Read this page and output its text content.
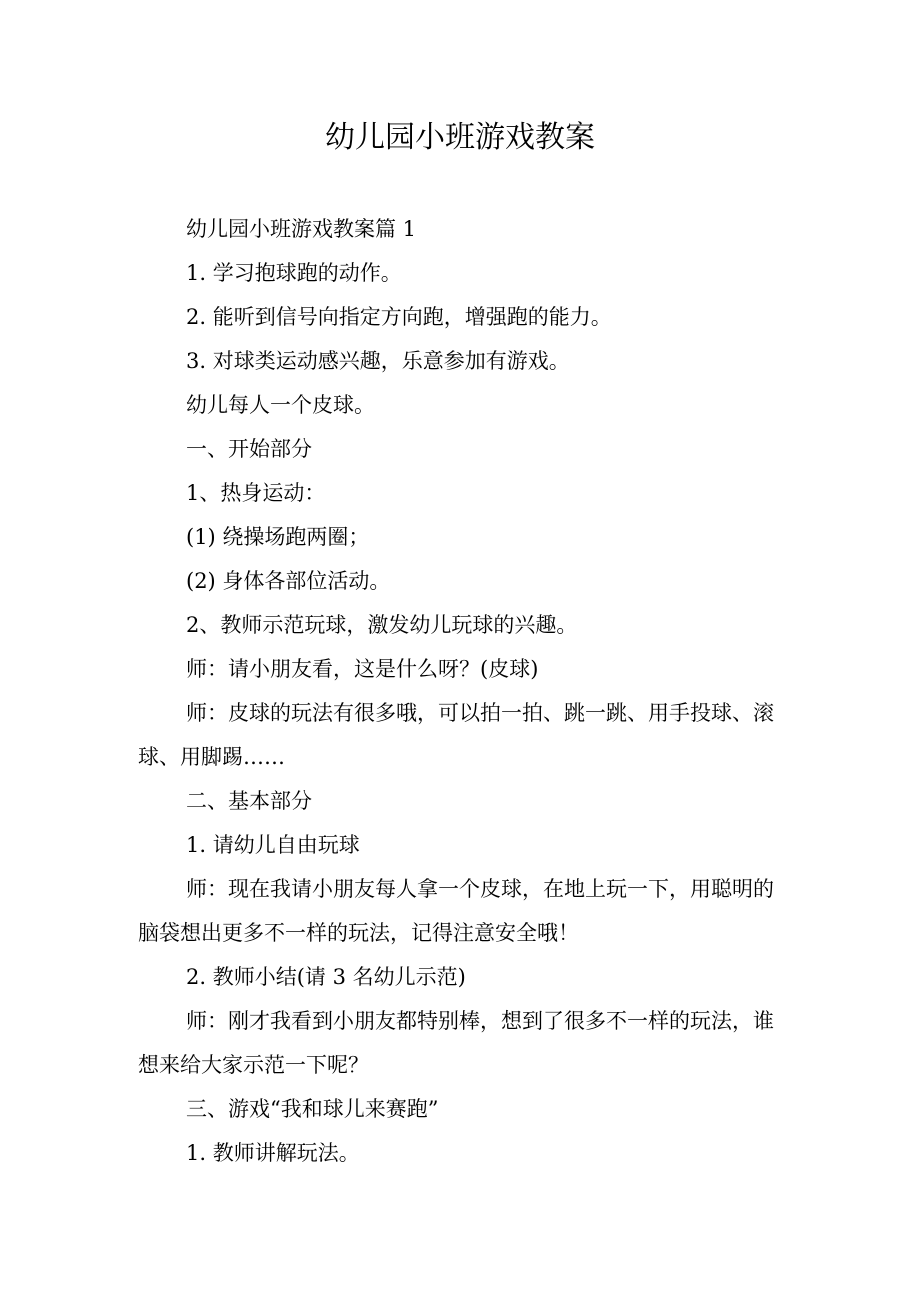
幼儿园小班游戏教案

幼儿园小班游戏教案篇 1

1. 学习抱球跑的动作。

2. 能听到信号向指定方向跑，增强跑的能力。

3. 对球类运动感兴趣，乐意参加有游戏。

幼儿每人一个皮球。

一、开始部分

1、热身运动：

(1) 绕操场跑两圈；

(2) 身体各部位活动。

2、教师示范玩球，激发幼儿玩球的兴趣。

师：请小朋友看，这是什么呀？(皮球)

师：皮球的玩法有很多哦，可以拍一拍、跳一跳、用手投球、滚球、用脚踢……

二、基本部分

1. 请幼儿自由玩球

师：现在我请小朋友每人拿一个皮球，在地上玩一下，用聪明的脑袋想出更多不一样的玩法，记得注意安全哦！

2. 教师小结(请 3 名幼儿示范)

师：刚才我看到小朋友都特别棒，想到了很多不一样的玩法，谁想来给大家示范一下呢？

三、游戏“我和球儿来赛跑”

1. 教师讲解玩法。
